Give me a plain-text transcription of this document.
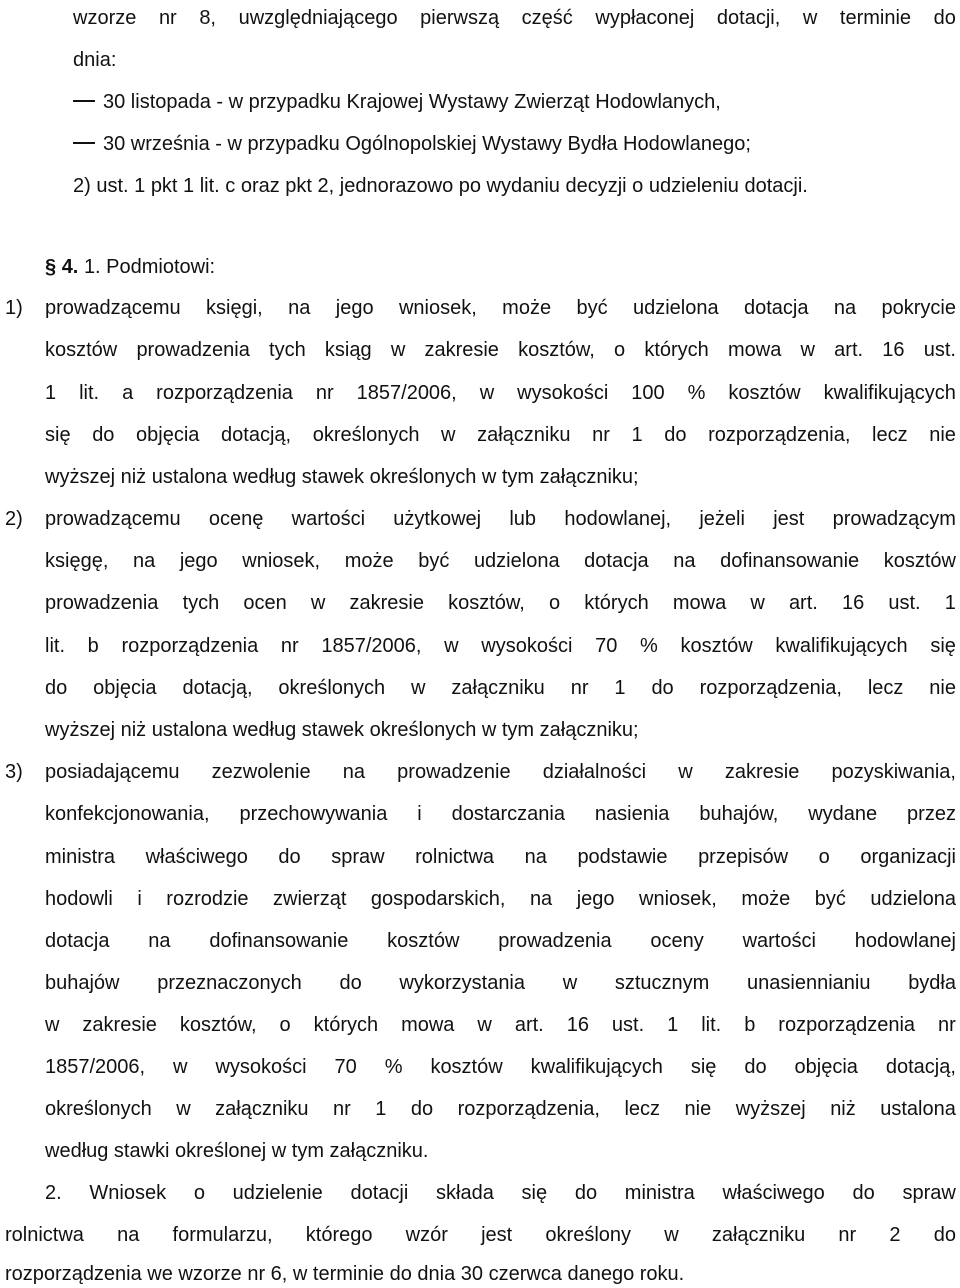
wzorze nr 8, uwzględniającego pierwszą część wypłaconej dotacji, w terminie do
dnia:
30 listopada - w przypadku Krajowej Wystawy Zwierząt Hodowlanych,
30 września - w przypadku Ogólnopolskiej Wystawy Bydła Hodowlanego;
2) ust. 1 pkt 1 lit. c oraz pkt 2, jednorazowo po wydaniu decyzji o udzieleniu dotacji.
§ 4. 1. Podmiotowi:
1) prowadzącemu księgi, na jego wniosek, może być udzielona dotacja na pokrycie
kosztów prowadzenia tych ksiąg w zakresie kosztów, o których mowa w art. 16 ust.
1 lit. a rozporządzenia nr 1857/2006, w wysokości 100 % kosztów kwalifikujących
się do objęcia dotacją, określonych w załączniku nr 1 do rozporządzenia, lecz nie
wyższej niż ustalona według stawek określonych w tym załączniku;
2) prowadzącemu ocenę wartości użytkowej lub hodowlanej, jeżeli jest prowadzącym
księgę, na jego wniosek, może być udzielona dotacja na dofinansowanie kosztów
prowadzenia tych ocen w zakresie kosztów, o których mowa w art. 16 ust. 1
lit. b rozporządzenia nr 1857/2006, w wysokości 70 % kosztów kwalifikujących się
do objęcia dotacją, określonych w załączniku nr 1 do rozporządzenia, lecz nie
wyższej niż ustalona według stawek określonych w tym załączniku;
3) posiadającemu zezwolenie na prowadzenie działalności w zakresie pozyskiwania,
konfekcjonowania, przechowywania i dostarczania nasienia buhajów, wydane przez
ministra właściwego do spraw rolnictwa na podstawie przepisów o organizacji
hodowli i rozrodzie zwierząt gospodarskich, na jego wniosek, może być udzielona
dotacja na dofinansowanie kosztów prowadzenia oceny wartości hodowlanej
buhajów przeznaczonych do wykorzystania w sztucznym unasiennianiu bydła
w zakresie kosztów, o których mowa w art. 16 ust. 1 lit. b rozporządzenia nr
1857/2006, w wysokości 70 % kosztów kwalifikujących się do objęcia dotacją,
określonych w załączniku nr 1 do rozporządzenia, lecz nie wyższej niż ustalona
według stawki określonej w tym załączniku.
2. Wniosek o udzielenie dotacji składa się do ministra właściwego do spraw
rolnictwa na formularzu, którego wzór jest określony w załączniku nr 2 do
rozporządzenia we wzorze nr 6, w terminie do dnia 30 czerwca danego roku.
